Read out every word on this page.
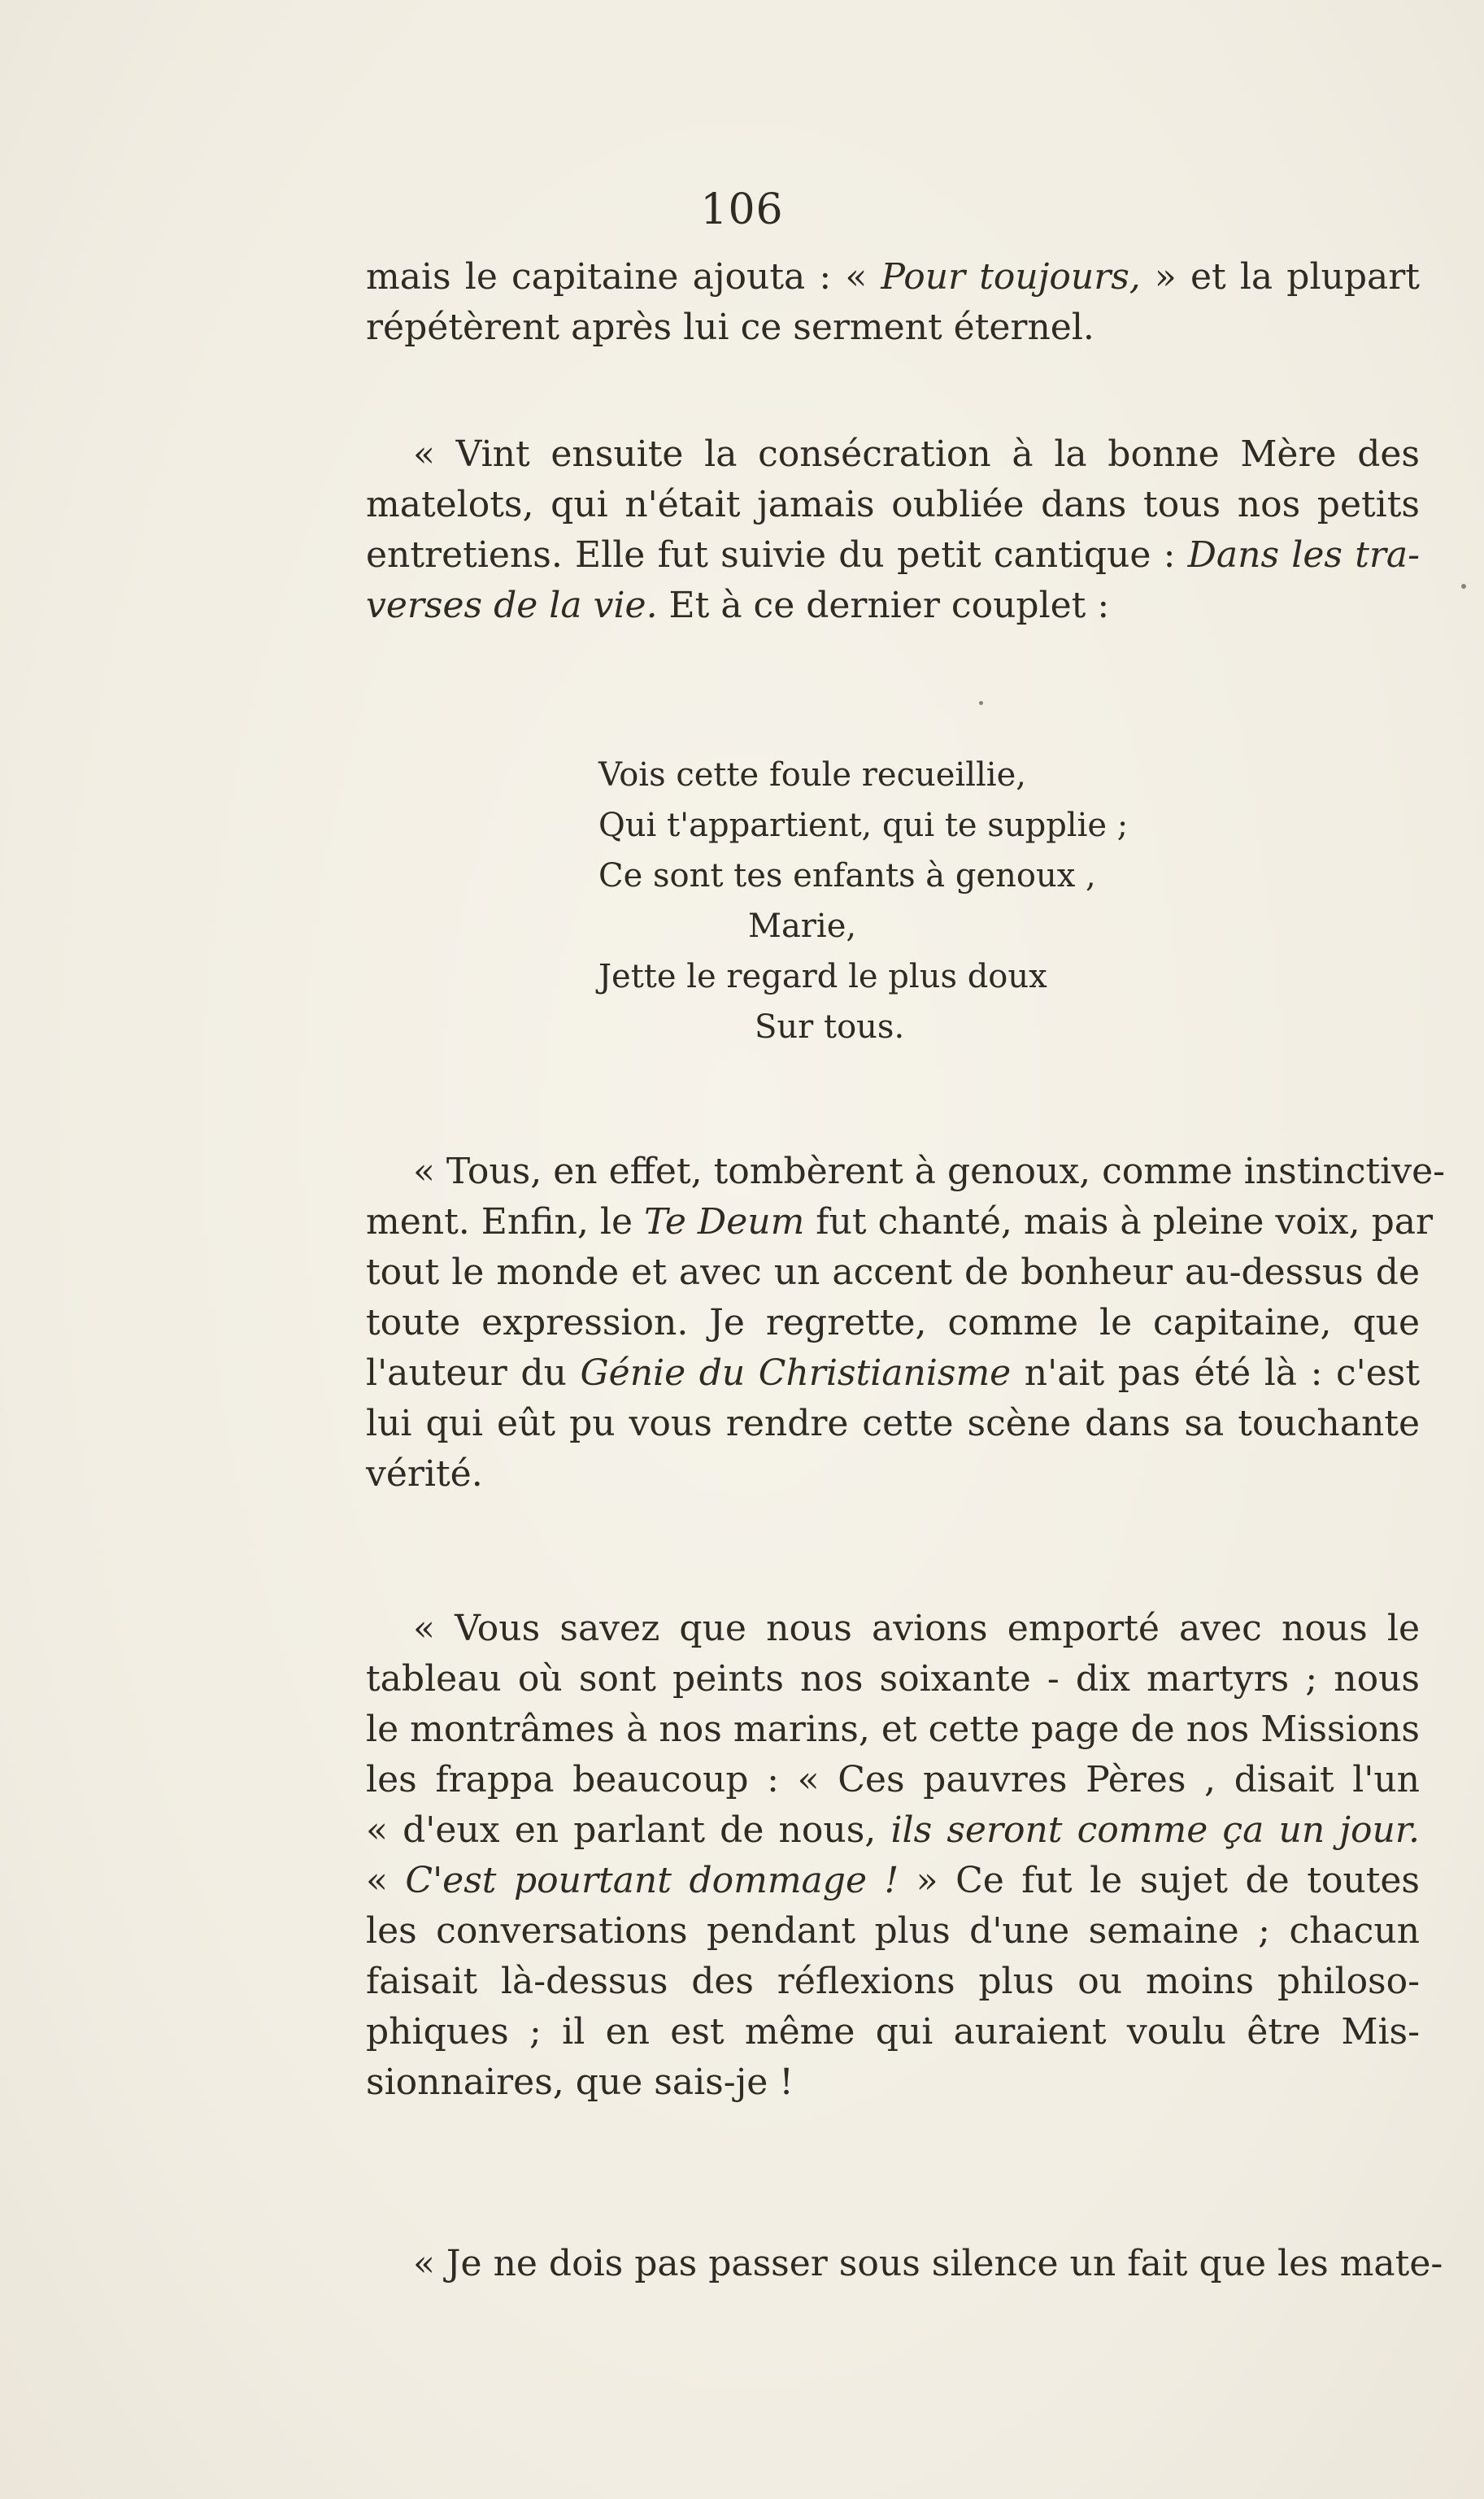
106
mais le capitaine ajouta : « Pour toujours, » et la plupart
répétèrent après lui ce serment éternel.
« Vint ensuite la consécration à la bonne Mère des
matelots, qui n'était jamais oubliée dans tous nos petits
entretiens. Elle fut suivie du petit cantique : Dans les tra-
verses de la vie. Et à ce dernier couplet :
Vois cette foule recueillie,
Qui t'appartient, qui te supplie ;
Ce sont tes enfants à genoux ,
Marie,
Jette le regard le plus doux
Sur tous.
« Tous, en effet, tombèrent à genoux, comme instinctive-
ment. Enfin, le Te Deum fut chanté, mais à pleine voix, par
tout le monde et avec un accent de bonheur au-dessus de
toute expression. Je regrette, comme le capitaine, que
l'auteur du Génie du Christianisme n'ait pas été là : c'est
lui qui eût pu vous rendre cette scène dans sa touchante
vérité.
« Vous savez que nous avions emporté avec nous le
tableau où sont peints nos soixante - dix martyrs ; nous
le montrâmes à nos marins, et cette page de nos Missions
les frappa beaucoup : « Ces pauvres Pères , disait l'un
« d'eux en parlant de nous, ils seront comme ça un jour.
« C'est pourtant dommage ! » Ce fut le sujet de toutes
les conversations pendant plus d'une semaine ; chacun
faisait là-dessus des réflexions plus ou moins philoso-
phiques ; il en est même qui auraient voulu être Mis-
sionnaires, que sais-je !
« Je ne dois pas passer sous silence un fait que les mate-
